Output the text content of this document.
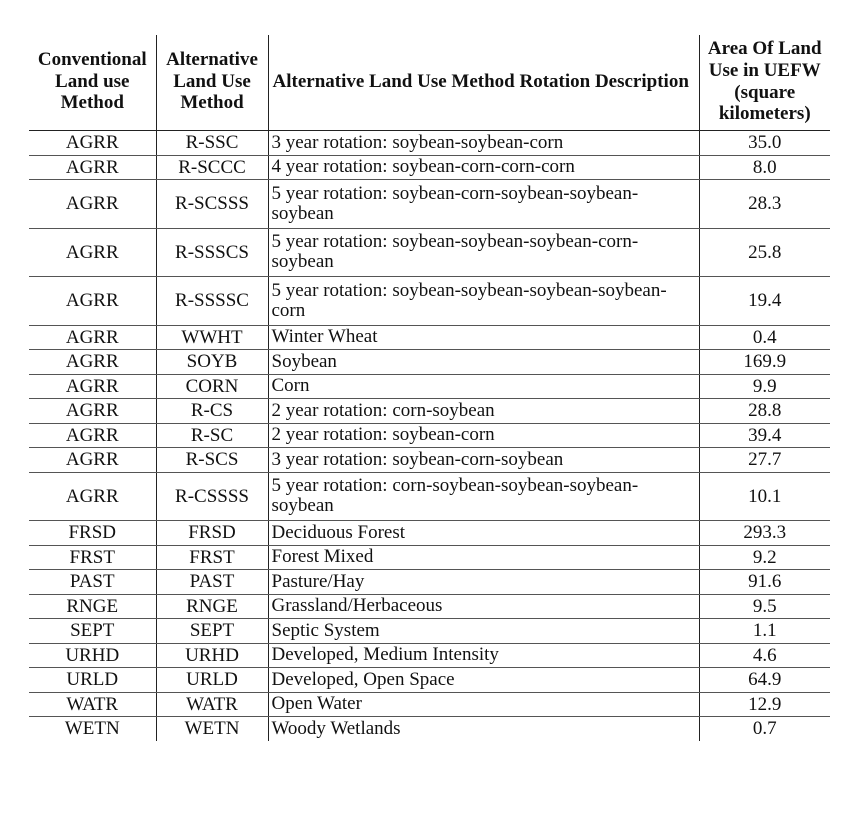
Conventional Land use Method	Alternative Land Use Method	Alternative Land Use Method Rotation Description	Area Of Land Use in UEFW (square kilometers)
AGRR	R-SSC	3 year rotation: soybean-soybean-corn	35.0
AGRR	R-SCCC	4 year rotation: soybean-corn-corn-corn	8.0
AGRR	R-SCSSS	5 year rotation: soybean-corn-soybean-soybean-soybean	28.3
AGRR	R-SSSCS	5 year rotation: soybean-soybean-soybean-corn-soybean	25.8
AGRR	R-SSSSC	5 year rotation: soybean-soybean-soybean-soybean-corn	19.4
AGRR	WWHT	Winter Wheat	0.4
AGRR	SOYB	Soybean	169.9
AGRR	CORN	Corn	9.9
AGRR	R-CS	2 year rotation: corn-soybean	28.8
AGRR	R-SC	2 year rotation: soybean-corn	39.4
AGRR	R-SCS	3 year rotation: soybean-corn-soybean	27.7
AGRR	R-CSSSS	5 year rotation: corn-soybean-soybean-soybean-soybean	10.1
FRSD	FRSD	Deciduous Forest	293.3
FRST	FRST	Forest Mixed	9.2
PAST	PAST	Pasture/Hay	91.6
RNGE	RNGE	Grassland/Herbaceous	9.5
SEPT	SEPT	Septic System	1.1
URHD	URHD	Developed, Medium Intensity	4.6
URLD	URLD	Developed, Open Space	64.9
WATR	WATR	Open Water	12.9
WETN	WETN	Woody Wetlands	0.7
